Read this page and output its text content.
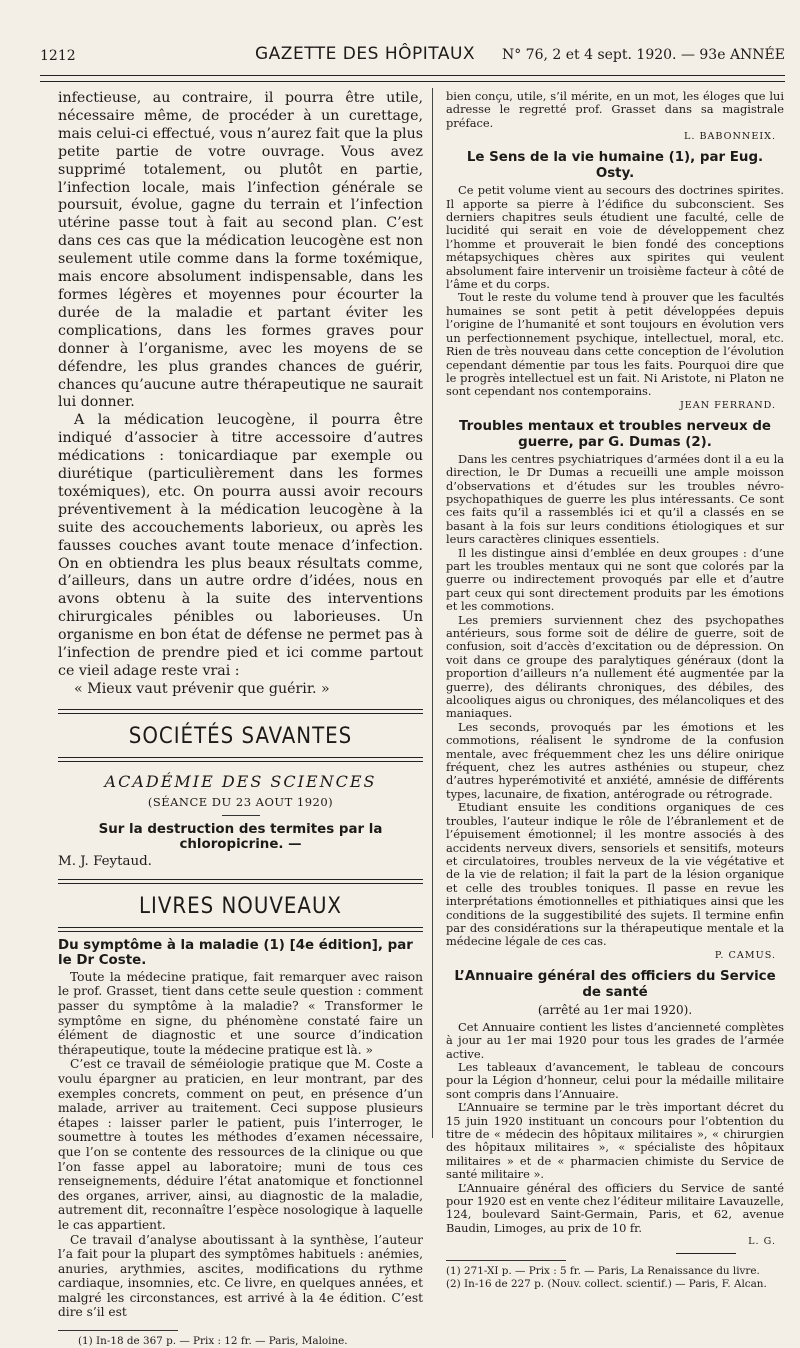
1212	GAZETTE DES HÔPITAUX N° 76, 2 et 4 sept. 1920. — 93e ANNÉE

infectieuse, au contraire, il pourra être utile, nécessaire même, de procéder à un curettage, mais celui-ci effectué, vous n’aurez fait que la plus petite partie de votre ouvrage. Vous avez supprimé totalement, ou plutôt en partie, l’infection locale, mais l’infection générale se poursuit, évolue, gagne du terrain et l’infection utérine passe tout à fait au second plan. C’est dans ces cas que la médication leucogène est non seulement utile comme dans la forme toxémique, mais encore absolument indispensable, dans les formes légères et moyennes pour écourter la durée de la maladie et partant éviter les complications, dans les formes graves pour donner à l’organisme, avec les moyens de se défendre, les plus grandes chances de guérir, chances qu’aucune autre thérapeutique ne saurait lui donner.

A la médication leucogène, il pourra être indiqué d’associer à titre accessoire d’autres médications : tonicardiaque par exemple ou diurétique (particulièrement dans les formes toxémiques), etc. On pourra aussi avoir recours préventivement à la médication leucogène à la suite des accouchements laborieux, ou après les fausses couches avant toute menace d’infection. On en obtiendra les plus beaux résultats comme, d’ailleurs, dans un autre ordre d’idées, nous en avons obtenu à la suite des interventions chirurgicales pénibles ou laborieuses. Un organisme en bon état de défense ne permet pas à l’infection de prendre pied et ici comme partout ce vieil adage reste vrai :

« Mieux vaut prévenir que guérir. »

SOCIÉTÉS SAVANTES
ACADÉMIE DES SCIENCES
(SÉANCE DU 23 AOUT 1920)
Sur la destruction des termites par la chloropicrine. —
M. J. Feytaud.
LIVRES NOUVEAUX
Du symptôme à la maladie (1) [4e édition], par le Dr Coste.

Toute la médecine pratique, fait remarquer avec raison le prof. Grasset, tient dans cette seule question : comment passer du symptôme à la maladie? « Transformer le symptôme en signe, du phénomène constaté faire un élément de diagnostic et une source d’indication thérapeutique, toute la médecine pratique est là. »

C’est ce travail de séméiologie pratique que M. Coste a voulu épargner au praticien, en leur montrant, par des exemples concrets, comment on peut, en présence d’un malade, arriver au traitement. Ceci suppose plusieurs étapes : laisser parler le patient, puis l’interroger, le soumettre à toutes les méthodes d’examen nécessaire, que l’on se contente des ressources de la clinique ou que l’on fasse appel au laboratoire; muni de tous ces renseignements, déduire l’état anatomique et fonctionnel des organes, arriver, ainsi, au diagnostic de la maladie, autrement dit, reconnaître l’espèce nosologique à laquelle le cas appartient.

Ce travail d’analyse aboutissant à la synthèse, l’auteur l’a fait pour la plupart des symptômes habituels : anémies, anuries, arythmies, ascites, modifications du rythme cardiaque, insomnies, etc. Ce livre, en quelques années, et malgré les circonstances, est arrivé à la 4e édition. C’est dire s’il est

(1) In-18 de 367 p. — Prix : 12 fr. — Paris, Maloine.

bien conçu, utile, s’il mérite, en un mot, les éloges que lui adresse le regretté prof. Grasset dans sa magistrale préface.

L. BABONNEIX.
Le Sens de la vie humaine (1), par Eug. Osty.

Ce petit volume vient au secours des doctrines spirites. Il apporte sa pierre à l’édifice du subconscient. Ses derniers chapitres seuls étudient une faculté, celle de lucidité qui serait en voie de développement chez l’homme et prouverait le bien fondé des conceptions métapsychiques chères aux spirites qui veulent absolument faire intervenir un troisième facteur à côté de l’âme et du corps.

Tout le reste du volume tend à prouver que les facultés humaines se sont petit à petit développées depuis l’origine de l’humanité et sont toujours en évolution vers un perfectionnement psychique, intellectuel, moral, etc. Rien de très nouveau dans cette conception de l’évolution cependant démentie par tous les faits. Pourquoi dire que le progrès intellectuel est un fait. Ni Aristote, ni Platon ne sont cependant nos contemporains.

JEAN FERRAND.
Troubles mentaux et troubles nerveux de guerre, par G. Dumas (2).

Dans les centres psychiatriques d’armées dont il a eu la direction, le Dr Dumas a recueilli une ample moisson d’observations et d’études sur les troubles névro-psychopathiques de guerre les plus intéressants. Ce sont ces faits qu’il a rassemblés ici et qu’il a classés en se basant à la fois sur leurs conditions étiologiques et sur leurs caractères cliniques essentiels.

Il les distingue ainsi d’emblée en deux groupes : d’une part les troubles mentaux qui ne sont que colorés par la guerre ou indirectement provoqués par elle et d’autre part ceux qui sont directement produits par les émotions et les commotions.

Les premiers surviennent chez des psychopathes antérieurs, sous forme soit de délire de guerre, soit de confusion, soit d’accès d’excitation ou de dépression. On voit dans ce groupe des paralytiques généraux (dont la proportion d’ailleurs n’a nullement été augmentée par la guerre), des délirants chroniques, des débiles, des alcooliques aigus ou chroniques, des mélancoliques et des maniaques.

Les seconds, provoqués par les émotions et les commotions, réalisent le syndrome de la confusion mentale, avec fréquemment chez les uns délire onirique fréquent, chez les autres asthénies ou stupeur, chez d’autres hyperémotivité et anxiété, amnésie de différents types, lacunaire, de fixation, antérograde ou rétrograde.

Etudiant ensuite les conditions organiques de ces troubles, l’auteur indique le rôle de l’ébranlement et de l’épuisement émotionnel; il les montre associés à des accidents nerveux divers, sensoriels et sensitifs, moteurs et circulatoires, troubles nerveux de la vie végétative et de la vie de relation; il fait la part de la lésion organique et celle des troubles toniques. Il passe en revue les interprétations émotionnelles et pithiatiques ainsi que les conditions de la suggestibilité des sujets. Il termine enfin par des considérations sur la thérapeutique mentale et la médecine légale de ces cas.

P. CAMUS.
L’Annuaire général des officiers du Service de santé
(arrêté au 1er mai 1920).

Cet Annuaire contient les listes d’ancienneté complètes à jour au 1er mai 1920 pour tous les grades de l’armée active.

Les tableaux d’avancement, le tableau de concours pour la Légion d’honneur, celui pour la médaille militaire sont compris dans l’Annuaire.

L’Annuaire se termine par le très important décret du 15 juin 1920 instituant un concours pour l’obtention du titre de « médecin des hôpitaux militaires », « chirurgien des hôpitaux militaires », « spécialiste des hôpitaux militaires » et de « pharmacien chimiste du Service de santé militaire ».

L’Annuaire général des officiers du Service de santé pour 1920 est en vente chez l’éditeur militaire Lavauzelle, 124, boulevard Saint-Germain, Paris, et 62, avenue Baudin, Limoges, au prix de 10 fr.

L. G.

(1) 271-XI p. — Prix : 5 fr. — Paris, La Renaissance du livre.

(2) In-16 de 227 p. (Nouv. collect. scientif.) — Paris, F. Alcan.
